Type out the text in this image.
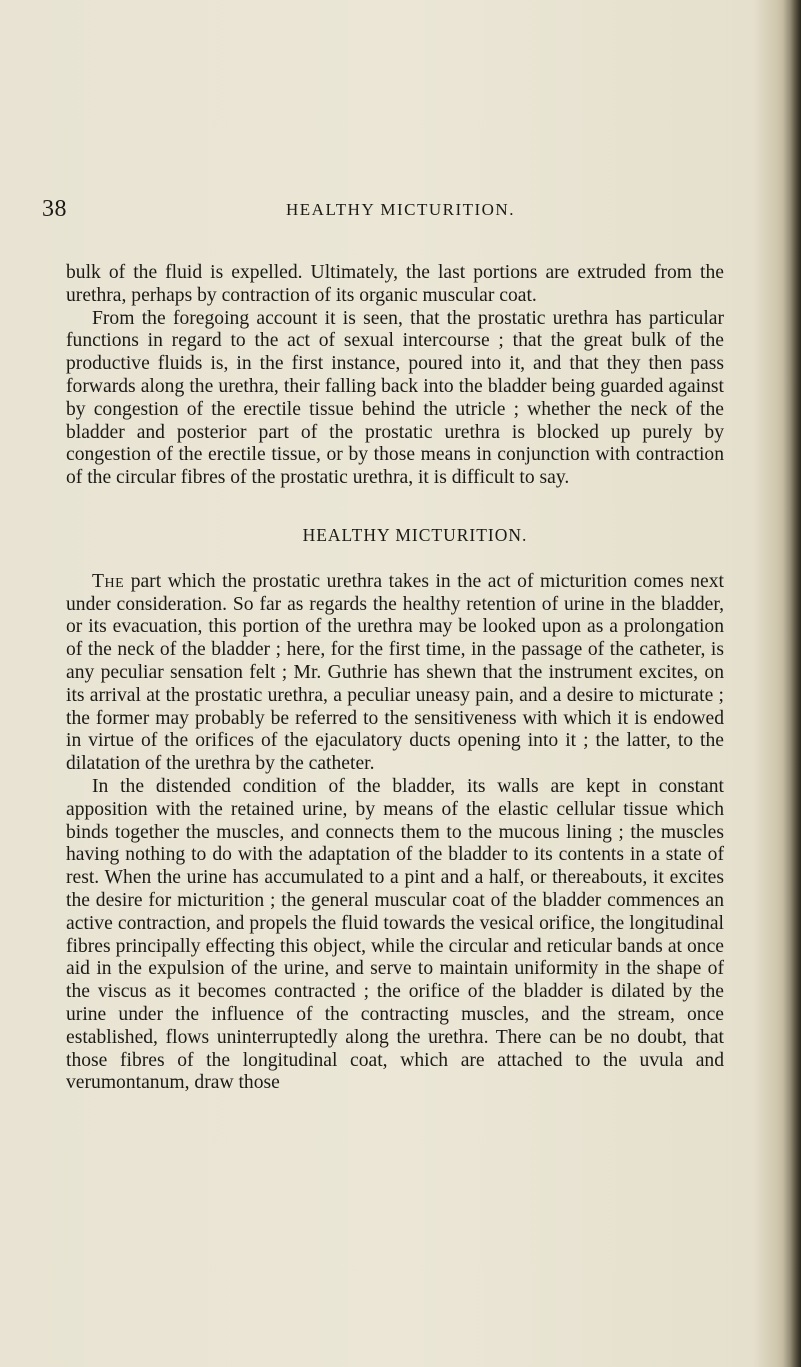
38	HEALTHY MICTURITION.

bulk of the fluid is expelled. Ultimately, the last portions are extruded from the urethra, perhaps by contraction of its organic muscular coat.

From the foregoing account it is seen, that the prostatic urethra has particular functions in regard to the act of sexual intercourse ; that the great bulk of the productive fluids is, in the first instance, poured into it, and that they then pass forwards along the urethra, their falling back into the bladder being guarded against by congestion of the erectile tissue behind the utricle ; whether the neck of the bladder and posterior part of the prostatic urethra is blocked up purely by congestion of the erectile tissue, or by those means in conjunction with contraction of the circular fibres of the prostatic urethra, it is difficult to say.

HEALTHY MICTURITION.

The part which the prostatic urethra takes in the act of micturition comes next under consideration. So far as regards the healthy retention of urine in the bladder, or its evacuation, this portion of the urethra may be looked upon as a prolongation of the neck of the bladder ; here, for the first time, in the passage of the catheter, is any peculiar sensation felt ; Mr. Guthrie has shewn that the instrument excites, on its arrival at the prostatic urethra, a peculiar uneasy pain, and a desire to micturate ; the former may probably be referred to the sensitiveness with which it is endowed in virtue of the orifices of the ejaculatory ducts opening into it ; the latter, to the dilatation of the urethra by the catheter.

In the distended condition of the bladder, its walls are kept in constant apposition with the retained urine, by means of the elastic cellular tissue which binds together the muscles, and connects them to the mucous lining ; the muscles having nothing to do with the adaptation of the bladder to its contents in a state of rest. When the urine has accumulated to a pint and a half, or thereabouts, it excites the desire for micturition ; the general muscular coat of the bladder commences an active contraction, and propels the fluid towards the vesical orifice, the longitudinal fibres principally effecting this object, while the circular and reticular bands at once aid in the expulsion of the urine, and serve to maintain uniformity in the shape of the viscus as it becomes contracted ; the orifice of the bladder is dilated by the urine under the influence of the contracting muscles, and the stream, once established, flows uninterruptedly along the urethra. There can be no doubt, that those fibres of the longitudinal coat, which are attached to the uvula and verumontanum, draw those
